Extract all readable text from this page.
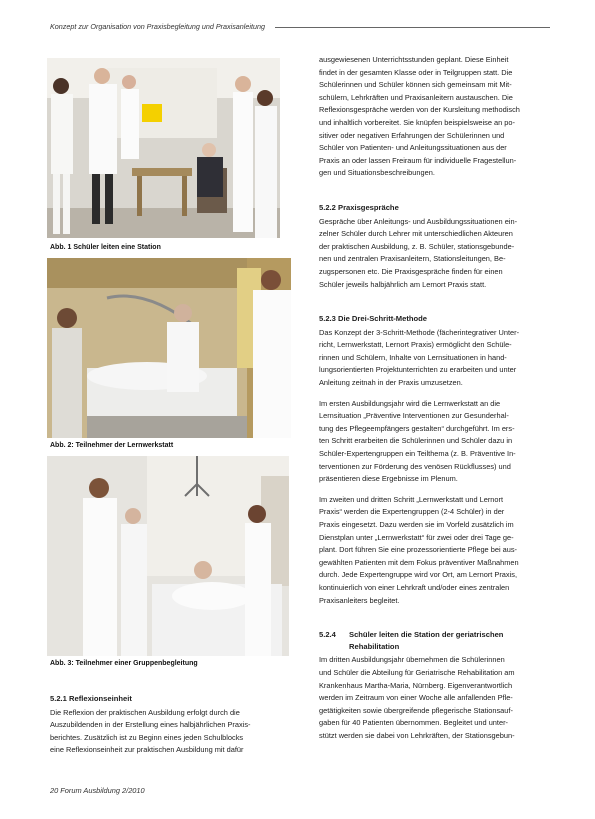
Konzept zur Organisation von Praxisbegleitung und Praxisanleitung
Abb. 1 Schüler leiten eine Station
Abb. 2: Teilnehmer der Lernwerkstatt
Abb. 3: Teilnehmer einer Gruppenbegleitung

5.2.1 Reflexionseinheit

Die Reflexion der praktischen Ausbildung erfolgt durch die

Auszubildenden in der Erstellung eines halbjährlichen Praxis-

berichtes. Zusätzlich ist zu Beginn eines jeden Schulblocks

eine Reflexionseinheit zur praktischen Ausbildung mit dafür

ausgewiesenen Unterrichtsstunden geplant. Diese Einheit

findet in der gesamten Klasse oder in Teilgruppen statt. Die

Schülerinnen und Schüler können sich gemeinsam mit Mit-

schülern, Lehrkräften und Praxisanleitern austauschen. Die

Reflexionsgespräche werden von der Kursleitung methodisch

und inhaltlich vorbereitet. Sie knüpfen beispielsweise an po-

sitiver oder negativen Erfahrungen der Schülerinnen und

Schüler von Patienten- und Anleitungssituationen aus der

Praxis an oder lassen Freiraum für individuelle Fragestellun-

gen und Situationsbeschreibungen.

5.2.2 Praxisgespräche

Gespräche über Anleitungs- und Ausbildungssituationen ein-

zelner Schüler durch Lehrer mit unterschiedlichen Akteuren

der praktischen Ausbildung, z. B. Schüler, stationsgebunde-

nen und zentralen Praxisanleitern, Stationsleitungen, Be-

zugspersonen etc. Die Praxisgespräche finden für einen

Schüler jeweils halbjährlich am Lernort Praxis statt.

5.2.3 Die Drei-Schritt-Methode

Das Konzept der 3-Schritt-Methode (fächerintegrativer Unter-

richt, Lernwerkstatt, Lernort Praxis) ermöglicht den Schüle-

rinnen und Schülern, Inhalte von Lernsituationen in hand-

lungsorientierten Projektunterrichten zu erarbeiten und unter

Anleitung zeitnah in der Praxis umzusetzen.

Im ersten Ausbildungsjahr wird die Lernwerkstatt an die

Lernsituation „Präventive Interventionen zur Gesunderhal-

tung des Pflegeempfängers gestalten“ durchgeführt. Im ers-

ten Schritt erarbeiten die Schülerinnen und Schüler dazu in

Schüler-Expertengruppen ein Teilthema (z. B. Präventive In-

terventionen zur Förderung des venösen Rückflusses) und

präsentieren diese Ergebnisse im Plenum.

Im zweiten und dritten Schritt „Lernwerkstatt und Lernort

Praxis“ werden die Expertengruppen (2-4 Schüler) in der

Praxis eingesetzt. Dazu werden sie im Vorfeld zusätzlich im

Dienstplan unter „Lernwerkstatt“ für zwei oder drei Tage ge-

plant. Dort führen Sie eine prozessorientierte Pflege bei aus-

gewählten Patienten mit dem Fokus präventiver Maßnahmen

durch. Jede Expertengruppe wird vor Ort, am Lernort Praxis,

kontinuierlich von einer Lehrkraft und/oder eines zentralen

Praxisanleiters begleitet.

5.2.4	Schüler leiten die Station der geriatrischen

Rehabilitation

Im dritten Ausbildungsjahr übernehmen die Schülerinnen

und Schüler die Abteilung für Geriatrische Rehabilitation am

Krankenhaus Martha-Maria, Nürnberg. Eigenverantwortlich

werden im Zeitraum von einer Woche alle anfallenden Pfle-

getätigkeiten sowie übergreifende pflegerische Stationsauf-

gaben für 40 Patienten übernommen. Begleitet und unter-

stützt werden sie dabei von Lehrkräften, der Stationsgebun-

20 Forum Ausbildung 2/2010
